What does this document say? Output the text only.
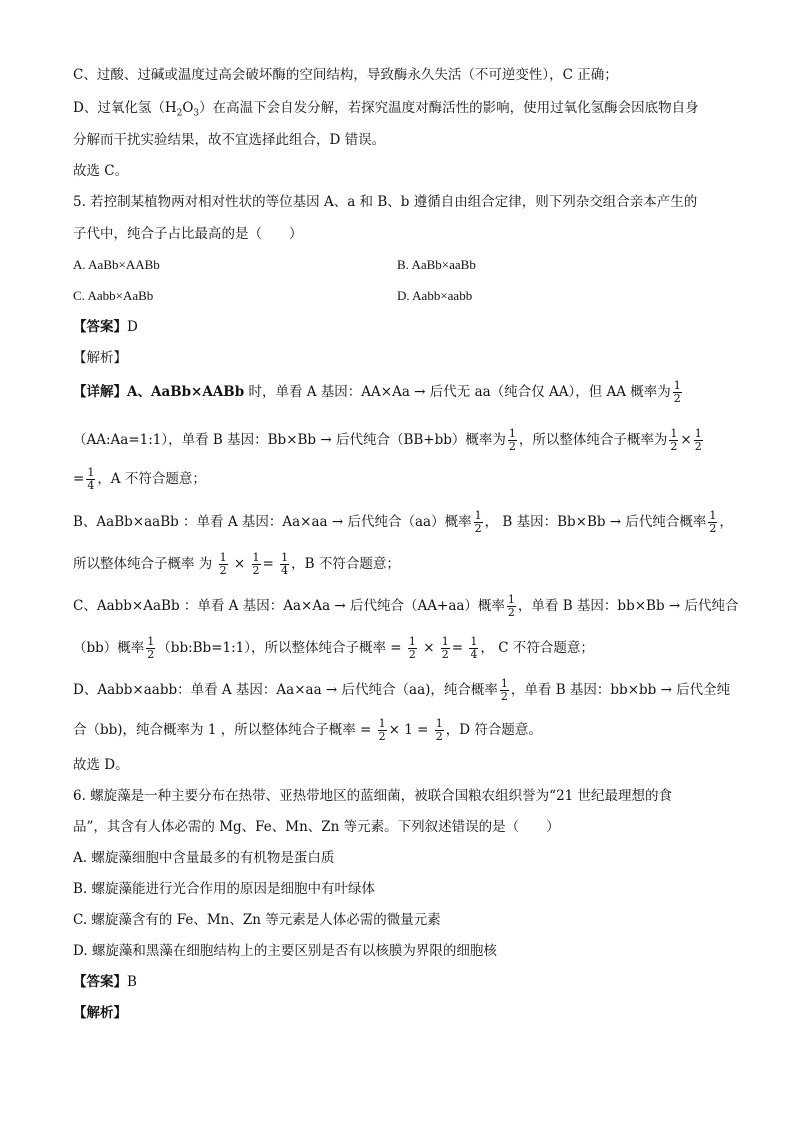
C、过酸、过碱或温度过高会破坏酶的空间结构，导致酶永久失活（不可逆变性），C 正确；
D、过氧化氢$(H_2O_3)$在高温下会自发分解，若探究温度对酶活性的影响，使用过氧化氢酶会因底物自身
分解而干扰实验结果，故不宜选择此组合，D 错误。
故选 C。
5. 若控制某植物两对相对性状的等位基因 A、a 和 B、b 遵循自由组合定律，则下列杂交组合亲本产生的
子代中，纯合子占比最高的是（　　）
A. AaBb×AABb	B. AaBb×aaBb
C. Aabb×AaBb	D. Aabb×aabb
【答案】D
【解析】
【详解】A、AaBb×AABb 时，单看 A 基因：AA×Aa → 后代无 aa（纯合仅 AA），但 AA 概率为 $\frac{1}{2}$
（AA:Aa=1:1），单看 B 基因：Bb×Bb → 后代纯合（BB+bb）概率为 $\frac{1}{2}$ ，所以整体纯合子概率为 $\frac{1}{2} \times \frac{1}{2}$
= $\frac{1}{4}$ ，A 不符合题意；
B、AaBb×aaBb ：单看 A 基因：Aa×aa → 后代纯合（aa）概率 $\frac{1}{2}$ ， B 基因：Bb×Bb → 后代纯合概率 $\frac{1}{2}$ ，
所以整体纯合子概率 为 $\frac{1}{2} \times \frac{1}{2} = \frac{1}{4}$ ，B 不符合题意；
C、Aabb×AaBb ：单看 A 基因：Aa×Aa → 后代纯合（AA+aa）概率 $\frac{1}{2}$ ，单看 B 基因：bb×Bb → 后代纯合
（bb）概率 $\frac{1}{2}$ （bb:Bb=1:1），所以整体纯合子概率 = $\frac{1}{2} \times \frac{1}{2} = \frac{1}{4}$ ， C 不符合题意；
D、Aabb×aabb：单看 A 基因：Aa×aa → 后代纯合（aa)，纯合概率 $\frac{1}{2}$ ，单看 B 基因：bb×bb → 后代全纯
合（bb)，纯合概率为 1 ，所以整体纯合子概率 = $\frac{1}{2} \times 1 = \frac{1}{2}$ ，D 符合题意。
故选 D。
6. 螺旋藻是一种主要分布在热带、亚热带地区的蓝细菌，被联合国粮农组织誉为“21 世纪最理想的食
品”，其含有人体必需的 Mg、Fe、Mn、Zn 等元素。下列叙述错误的是（　　）
A. 螺旋藻细胞中含量最多的有机物是蛋白质
B. 螺旋藻能进行光合作用的原因是细胞中有叶绿体
C. 螺旋藻含有的 Fe、Mn、Zn 等元素是人体必需的微量元素
D. 螺旋藻和黑藻在细胞结构上的主要区别是否有以核膜为界限的细胞核
【答案】B
【解析】
